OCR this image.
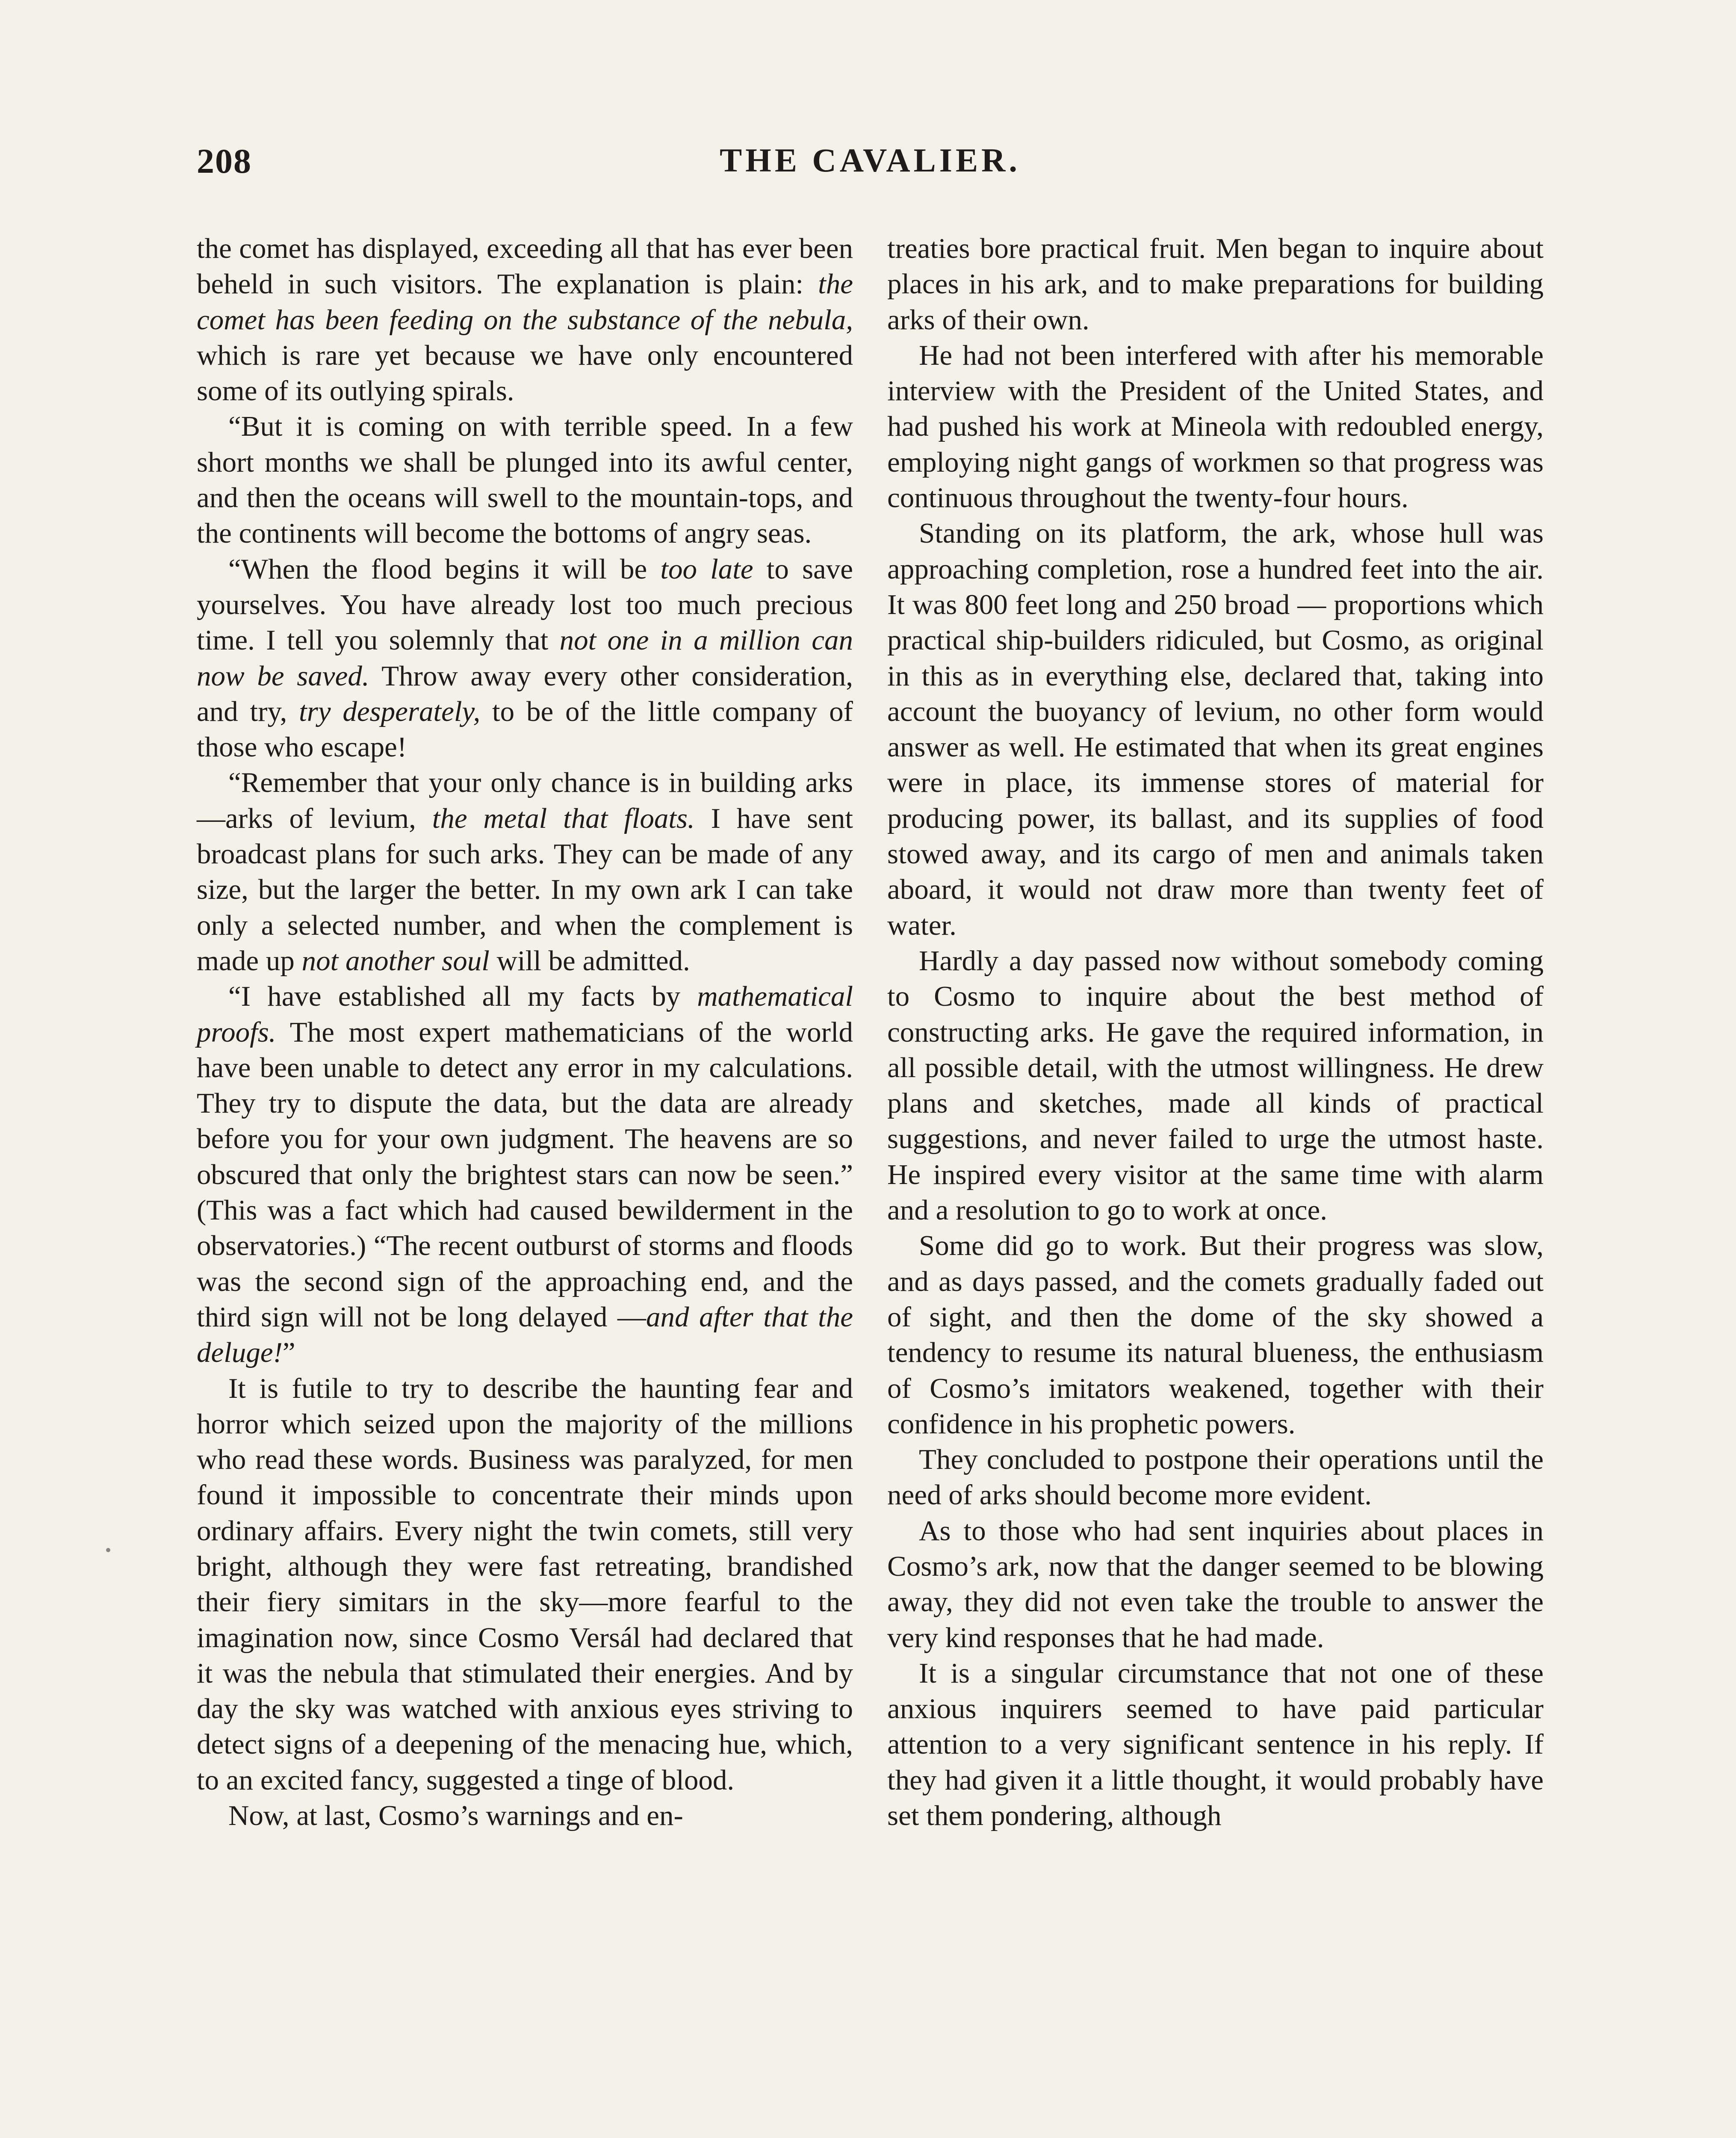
208	THE CAVALIER.

the comet has displayed, exceeding all that has ever been beheld in such visitors. The explanation is plain: the comet has been feeding on the substance of the nebula, which is rare yet because we have only encountered some of its outlying spirals.

“But it is coming on with terrible speed. In a few short months we shall be plunged into its awful center, and then the oceans will swell to the mountain-tops, and the continents will become the bottoms of angry seas.

“When the flood begins it will be too late to save yourselves. You have already lost too much precious time. I tell you solemnly that not one in a million can now be saved. Throw away every other consideration, and try, try desperately, to be of the little company of those who escape!

“Remember that your only chance is in building arks—arks of levium, the metal that floats. I have sent broadcast plans for such arks. They can be made of any size, but the larger the better. In my own ark I can take only a selected number, and when the complement is made up not another soul will be admitted.

“I have established all my facts by mathematical proofs. The most expert mathematicians of the world have been unable to detect any error in my calculations. They try to dispute the data, but the data are already before you for your own judgment. The heavens are so obscured that only the brightest stars can now be seen.” (This was a fact which had caused bewilderment in the observatories.) “The recent outburst of storms and floods was the second sign of the approaching end, and the third sign will not be long delayed —and after that the deluge!”

It is futile to try to describe the haunting fear and horror which seized upon the majority of the millions who read these words. Business was paralyzed, for men found it impossible to concentrate their minds upon ordinary affairs. Every night the twin comets, still very bright, although they were fast retreating, brandished their fiery simitars in the sky—more fearful to the imagination now, since Cosmo Versál had declared that it was the nebula that stimulated their energies. And by day the sky was watched with anxious eyes striving to detect signs of a deepening of the menacing hue, which, to an excited fancy, suggested a tinge of blood.

Now, at last, Cosmo’s warnings and en-

treaties bore practical fruit. Men began to inquire about places in his ark, and to make preparations for building arks of their own.

He had not been interfered with after his memorable interview with the President of the United States, and had pushed his work at Mineola with redoubled energy, employing night gangs of workmen so that progress was continuous throughout the twenty-four hours.

Standing on its platform, the ark, whose hull was approaching completion, rose a hundred feet into the air. It was 800 feet long and 250 broad — proportions which practical ship-builders ridiculed, but Cosmo, as original in this as in everything else, declared that, taking into account the buoyancy of levium, no other form would answer as well. He estimated that when its great engines were in place, its immense stores of material for producing power, its ballast, and its supplies of food stowed away, and its cargo of men and animals taken aboard, it would not draw more than twenty feet of water.

Hardly a day passed now without somebody coming to Cosmo to inquire about the best method of constructing arks. He gave the required information, in all possible detail, with the utmost willingness. He drew plans and sketches, made all kinds of practical suggestions, and never failed to urge the utmost haste. He inspired every visitor at the same time with alarm and a resolution to go to work at once.

Some did go to work. But their progress was slow, and as days passed, and the comets gradually faded out of sight, and then the dome of the sky showed a tendency to resume its natural blueness, the enthusiasm of Cosmo’s imitators weakened, together with their confidence in his prophetic powers.

They concluded to postpone their operations until the need of arks should become more evident.

As to those who had sent inquiries about places in Cosmo’s ark, now that the danger seemed to be blowing away, they did not even take the trouble to answer the very kind responses that he had made.

It is a singular circumstance that not one of these anxious inquirers seemed to have paid particular attention to a very significant sentence in his reply. If they had given it a little thought, it would probably have set them pondering, although
